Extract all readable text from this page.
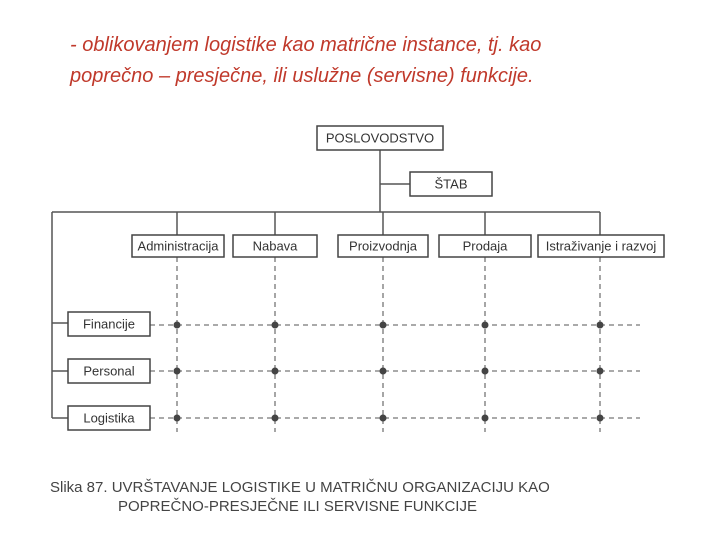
- oblikovanjem logistike kao matrične instance, tj. kao
poprečno – presječne, ili uslužne (servisne) funkcije.
POSLOVODSTVO
ŠTAB
Administracija	Nabava	Proizvodnja	Prodaja	Istraživanje i razvoj
Financije
Personal
Logistika
Slika 87. UVRŠTAVANJE LOGISTIKE U MATRIČNU ORGANIZACIJU KAO
POPREČNO-PRESJEČNE ILI SERVISNE FUNKCIJE
